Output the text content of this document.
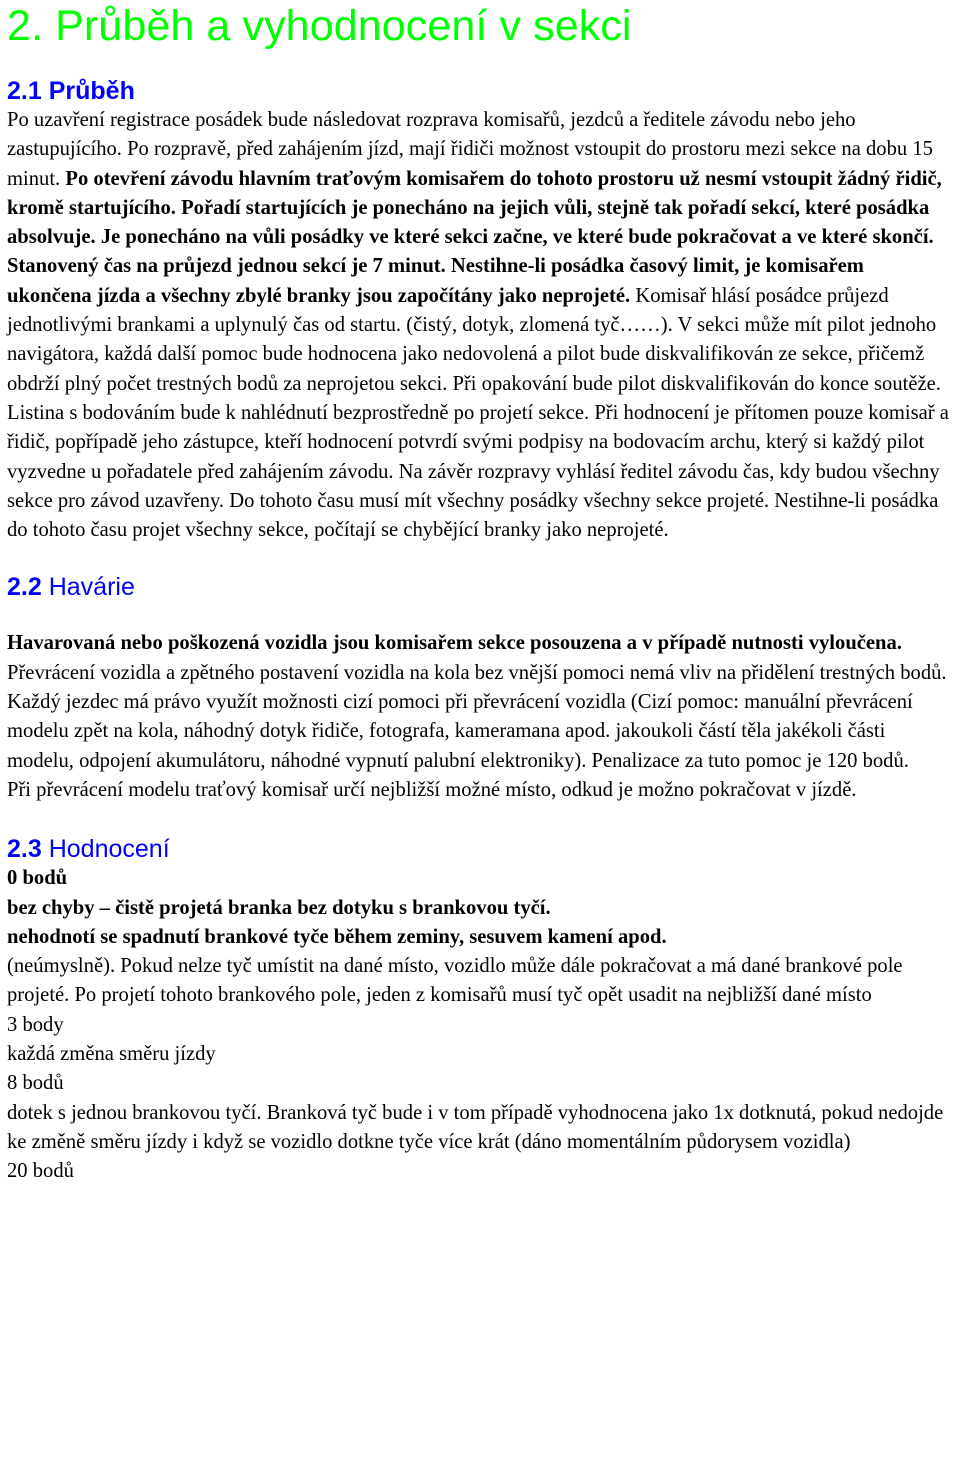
2. Průběh a vyhodnocení v sekci
2.1 Průběh

Po uzavření registrace posádek bude následovat rozprava komisařů, jezdců a ředitele závodu nebo jeho zastupujícího. Po rozpravě, před zahájením jízd, mají řidiči možnost vstoupit do prostoru mezi sekce na dobu 15 minut. Po otevření závodu hlavním traťovým komisařem do tohoto prostoru už nesmí vstoupit žádný řidič, kromě startujícího. Pořadí startujících je ponecháno na jejich vůli, stejně tak pořadí sekcí, které posádka absolvuje. Je ponecháno na vůli posádky ve které sekci začne, ve které bude pokračovat a ve které skončí. Stanovený čas na průjezd jednou sekcí je 7 minut. Nestihne-li posádka časový limit, je komisařem ukončena jízda a všechny zbylé branky jsou započítány jako neprojeté. Komisař hlásí posádce průjezd jednotlivými brankami a uplynulý čas od startu. (čistý, dotyk, zlomená tyč……). V sekci může mít pilot jednoho navigátora, každá další pomoc bude hodnocena jako nedovolená a pilot bude diskvalifikován ze sekce, přičemž obdrží plný počet trestných bodů za neprojetou sekci. Při opakování bude pilot diskvalifikován do konce soutěže. Listina s bodováním bude k nahlédnutí bezprostředně po projetí sekce. Při hodnocení je přítomen pouze komisař a řidič, popřípadě jeho zástupce, kteří hodnocení potvrdí svými podpisy na bodovacím archu, který si každý pilot vyzvedne u pořadatele před zahájením závodu. Na závěr rozpravy vyhlásí ředitel závodu čas, kdy budou všechny sekce pro závod uzavřeny. Do tohoto času musí mít všechny posádky všechny sekce projeté. Nestihne-li posádka do tohoto času projet všechny sekce, počítají se chybějící branky jako neprojeté.

2.2 Havárie

Havarovaná nebo poškozená vozidla jsou komisařem sekce posouzena a v případě nutnosti vyloučena. Převrácení vozidla a zpětného postavení vozidla na kola bez vnější pomoci nemá vliv na přidělení trestných bodů. Každý jezdec má právo využít možnosti cizí pomoci při převrácení vozidla (Cizí pomoc: manuální převrácení modelu zpět na kola, náhodný dotyk řidiče, fotografa, kameramana apod. jakoukoli částí těla jakékoli části modelu, odpojení akumulátoru, náhodné vypnutí palubní elektroniky). Penalizace za tuto pomoc je 120 bodů.

Při převrácení modelu traťový komisař určí nejbližší možné místo, odkud je možno pokračovat v jízdě.

2.3 Hodnocení

0 bodů

bez chyby – čistě projetá branka bez dotyku s brankovou tyčí.

nehodnotí se spadnutí brankové tyče během zeminy, sesuvem kamení apod.

(neúmyslně). Pokud nelze tyč umístit na dané místo, vozidlo může dále pokračovat a má dané brankové pole projeté. Po projetí tohoto brankového pole, jeden z komisařů musí tyč opět usadit na nejbližší dané místo

3 body

každá změna směru jízdy

8 bodů

dotek s jednou brankovou tyčí. Branková tyč bude i v tom případě vyhodnocena jako 1x dotknutá, pokud nedojde ke změně směru jízdy i když se vozidlo dotkne tyče více krát (dáno momentálním půdorysem vozidla)

20 bodů
